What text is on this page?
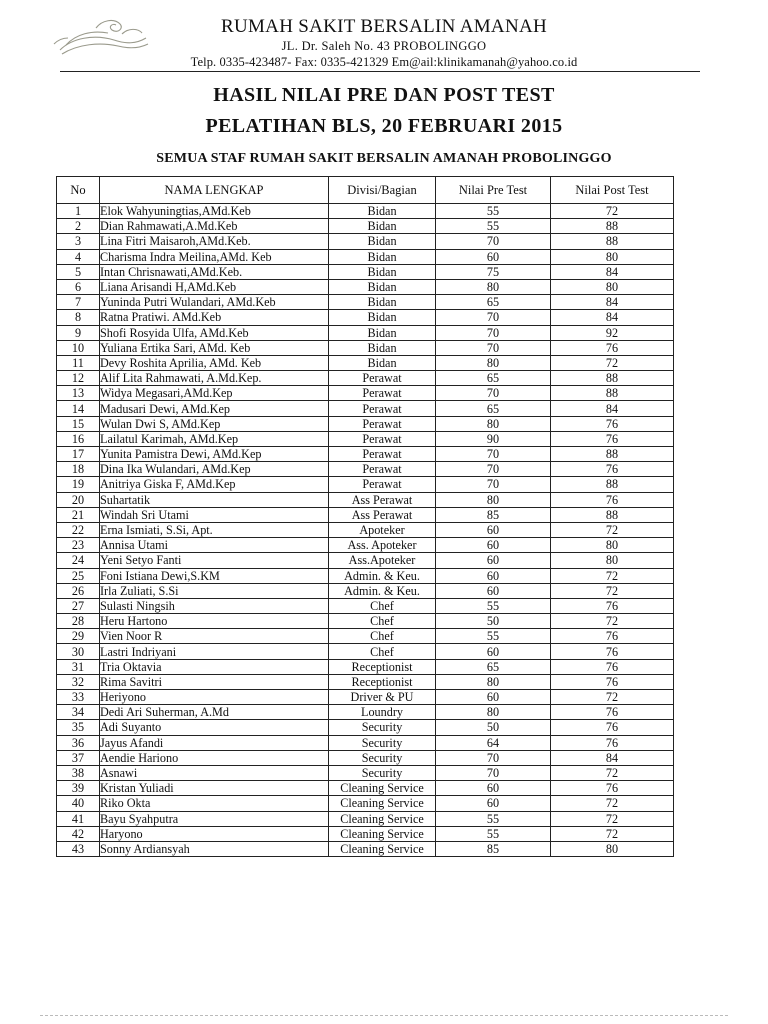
RUMAH SAKIT BERSALIN AMANAH
JL. Dr. Saleh No. 43 PROBOLINGGO
Telp. 0335-423487- Fax: 0335-421329 Em@ail:klinikamanah@yahoo.co.id
HASIL NILAI PRE DAN POST TEST
PELATIHAN BLS, 20 FEBRUARI 2015
SEMUA STAF RUMAH SAKIT BERSALIN AMANAH PROBOLINGGO
No	NAMA LENGKAP	Divisi/Bagian	Nilai Pre Test	Nilai Post Test
1	Elok Wahyuningtias,AMd.Keb	Bidan	55	72
2	Dian Rahmawati,A.Md.Keb	Bidan	55	88
3	Lina Fitri Maisaroh,AMd.Keb.	Bidan	70	88
4	Charisma Indra Meilina,AMd. Keb	Bidan	60	80
5	Intan Chrisnawati,AMd.Keb.	Bidan	75	84
6	Liana Arisandi H,AMd.Keb	Bidan	80	80
7	Yuninda Putri Wulandari, AMd.Keb	Bidan	65	84
8	Ratna Pratiwi. AMd.Keb	Bidan	70	84
9	Shofi Rosyida Ulfa, AMd.Keb	Bidan	70	92
10	Yuliana Ertika Sari, AMd. Keb	Bidan	70	76
11	Devy Roshita Aprilia, AMd. Keb	Bidan	80	72
12	Alif Lita Rahmawati, A.Md.Kep.	Perawat	65	88
13	Widya Megasari,AMd.Kep	Perawat	70	88
14	Madusari Dewi, AMd.Kep	Perawat	65	84
15	Wulan Dwi S, AMd.Kep	Perawat	80	76
16	Lailatul Karimah, AMd.Kep	Perawat	90	76
17	Yunita Pamistra Dewi, AMd.Kep	Perawat	70	88
18	Dina Ika Wulandari, AMd.Kep	Perawat	70	76
19	Anitriya Giska F, AMd.Kep	Perawat	70	88
20	Suhartatik	Ass Perawat	80	76
21	Windah Sri Utami	Ass Perawat	85	88
22	Erna Ismiati, S.Si, Apt.	Apoteker	60	72
23	Annisa Utami	Ass. Apoteker	60	80
24	Yeni Setyo Fanti	Ass.Apoteker	60	80
25	Foni Istiana Dewi,S.KM	Admin. & Keu.	60	72
26	Irla Zuliati, S.Si	Admin. & Keu.	60	72
27	Sulasti Ningsih	Chef	55	76
28	Heru Hartono	Chef	50	72
29	Vien Noor R	Chef	55	76
30	Lastri Indriyani	Chef	60	76
31	Tria Oktavia	Receptionist	65	76
32	Rima Savitri	Receptionist	80	76
33	Heriyono	Driver & PU	60	72
34	Dedi Ari Suherman, A.Md	Loundry	80	76
35	Adi Suyanto	Security	50	76
36	Jayus Afandi	Security	64	76
37	Aendie Hariono	Security	70	84
38	Asnawi	Security	70	72
39	Kristan Yuliadi	Cleaning Service	60	76
40	Riko Okta	Cleaning Service	60	72
41	Bayu Syahputra	Cleaning Service	55	72
42	Haryono	Cleaning Service	55	72
43	Sonny Ardiansyah	Cleaning Service	85	80
